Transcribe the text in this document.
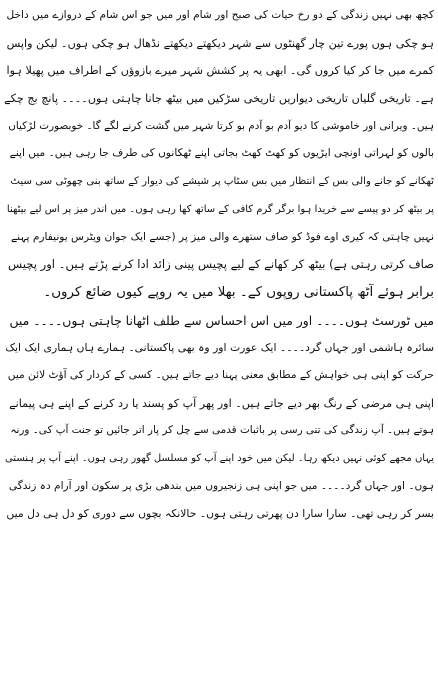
کچھ بھی نہیں زندگی کے دو رخ حیات کی صبح اور شام اور میں جو اس شام کے دروازے میں داخل
ہو چکی ہوں پورے تین چار گھنٹوں سے شہر دیکھتے دیکھتے نڈھال ہو چکی ہوں۔ لیکن واپس
کمرے میں جا کر کیا کروں گی۔ ابھی یہ پر کشش شہر میرے بازوؤں کے اطراف میں پھیلا ہوا
ہے۔ تاریخی گلیاں تاریخی دیواریں تاریخی سڑکیں میں بیٹھ جانا چاہتی ہوں۔۔۔۔ پانچ بج چکے
ہیں۔ ویرانی اور خاموشی کا دیو آدم بو آدم بو کرتا شہر میں گشت کرنے لگے گا۔ خوبصورت لڑکیاں
بالوں کو لہراتی اونچی ایڑیوں کو کھٹ کھٹ بجاتی اپنے ٹھکانوں کی طرف جا رہی ہیں۔ میں اپنے
ٹھکانے کو جانے والی بس کے انتظار میں بس سٹاپ پر شیشے کی دیوار کے ساتھ بنی چھوٹی سی سیٹ
پر بیٹھ کر دو پیسے سے خریدا ہوا برگر گرم کافی کے ساتھ کھا رہی ہوں۔ میں اندر میز پر اس لیے بیٹھنا
نہیں چاہتی کہ کیری اوے فوڈ کو صاف ستھرے والی میز پر (جسے ایک جوان ویٹرس یونیفارم پہنے
صاف کرتی رہتی ہے) بیٹھ کر کھانے کے لیے پچیس پینی زائد ادا کرنے پڑتے ہیں۔ اور پچیس
برابر ہوئے آٹھ پاکستانی روپوں کے۔ بھلا میں یہ روپے کیوں ضائع کروں۔
میں ٹورسٹ ہوں۔۔۔۔ اور میں اس احساس سے طلف اٹھانا چاہتی ہوں۔۔۔۔ میں
سائرہ ہاشمی اور جہاں گرد۔۔۔۔ ایک عورت اور وہ بھی پاکستانی۔ ہمارے ہاں ہماری ایک ایک
حرکت کو اپنی ہی خواہش کے مطابق معنی پہنا دیے جاتے ہیں۔ کسی کے کردار کی آؤٹ لائن میں
اپنی ہی مرضی کے رنگ بھر دیے جاتے ہیں۔ اور پھر آپ کو پسند یا رد کرنے کے اپنے ہی پیمانے
ہوتے ہیں۔ آپ زندگی کی تنی رسی پر باثبات قدمی سے چل کر پار اتر جائیں تو جنت آپ کی۔ ورنہ
یہاں مجھے کوئی نہیں دیکھ رہا۔ لیکن میں خود اپنے آپ کو مسلسل گھور رہی ہوں۔ اپنے آپ پر ہنستی
ہوں۔ اور جہاں گرد۔۔۔۔ میں جو اپنی ہی زنجیروں میں بندھی بڑی پر سکون اور آرام دہ زندگی
بسر کر رہی تھی۔ سارا سارا دن پھرتی رہتی ہوں۔ حالانکہ بچوں سے دوری کو دل ہی دل میں
